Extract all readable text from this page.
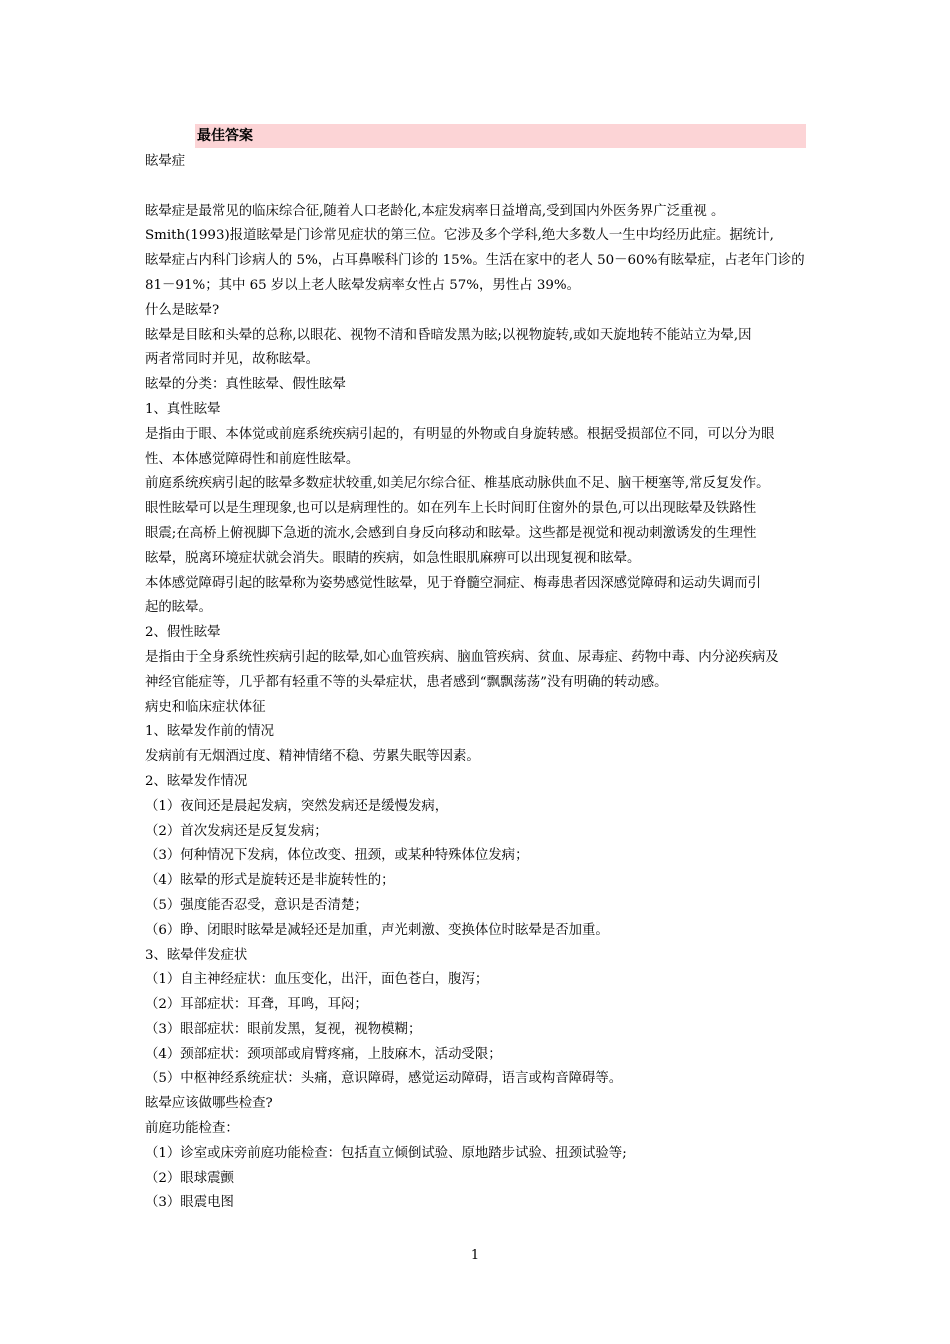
最佳答案
眩晕症
眩晕症是最常见的临床综合征,随着人口老龄化,本症发病率日益增高,受到国内外医务界广泛重视 。
Smith(1993)报道眩晕是门诊常见症状的第三位。它涉及多个学科,绝大多数人一生中均经历此症。据统计,
眩晕症占内科门诊病人的 5%，占耳鼻喉科门诊的 15%。生活在家中的老人 50－60%有眩晕症，占老年门诊的
81－91%；其中 65 岁以上老人眩晕发病率女性占 57%，男性占 39%。
什么是眩晕?
眩晕是目眩和头晕的总称,以眼花、视物不清和昏暗发黑为眩;以视物旋转,或如天旋地转不能站立为晕,因
两者常同时并见，故称眩晕。
眩晕的分类：真性眩晕、假性眩晕
1、真性眩晕
是指由于眼、本体觉或前庭系统疾病引起的，有明显的外物或自身旋转感。根据受损部位不同，可以分为眼
性、本体感觉障碍性和前庭性眩晕。
前庭系统疾病引起的眩晕多数症状较重,如美尼尔综合征、椎基底动脉供血不足、脑干梗塞等,常反复发作。
眼性眩晕可以是生理现象,也可以是病理性的。如在列车上长时间盯住窗外的景色,可以出现眩晕及铁路性
眼震;在高桥上俯视脚下急逝的流水,会感到自身反向移动和眩晕。这些都是视觉和视动刺激诱发的生理性
眩晕，脱离环境症状就会消失。眼睛的疾病，如急性眼肌麻痹可以出现复视和眩晕。
本体感觉障碍引起的眩晕称为姿势感觉性眩晕，见于脊髓空洞症、梅毒患者因深感觉障碍和运动失调而引
起的眩晕。
2、假性眩晕
是指由于全身系统性疾病引起的眩晕,如心血管疾病、脑血管疾病、贫血、尿毒症、药物中毒、内分泌疾病及
神经官能症等，几乎都有轻重不等的头晕症状，患者感到“飘飘荡荡”没有明确的转动感。
病史和临床症状体征
1、眩晕发作前的情况
发病前有无烟酒过度、精神情绪不稳、劳累失眠等因素。
2、眩晕发作情况
（1）夜间还是晨起发病，突然发病还是缓慢发病，
（2）首次发病还是反复发病；
（3）何种情况下发病，体位改变、扭颈，或某种特殊体位发病；
（4）眩晕的形式是旋转还是非旋转性的；
（5）强度能否忍受，意识是否清楚；
（6）睁、闭眼时眩晕是减轻还是加重，声光刺激、变换体位时眩晕是否加重。
3、眩晕伴发症状
（1）自主神经症状：血压变化，出汗，面色苍白，腹泻；
（2）耳部症状：耳聋，耳鸣，耳闷；
（3）眼部症状：眼前发黑，复视，视物模糊；
（4）颈部症状：颈项部或肩臂疼痛，上肢麻木，活动受限；
（5）中枢神经系统症状：头痛，意识障碍，感觉运动障碍，语言或构音障碍等。
眩晕应该做哪些检查?
前庭功能检查：
（1）诊室或床旁前庭功能检查：包括直立倾倒试验、原地踏步试验、扭颈试验等;
（2）眼球震颤
（3）眼震电图
1
